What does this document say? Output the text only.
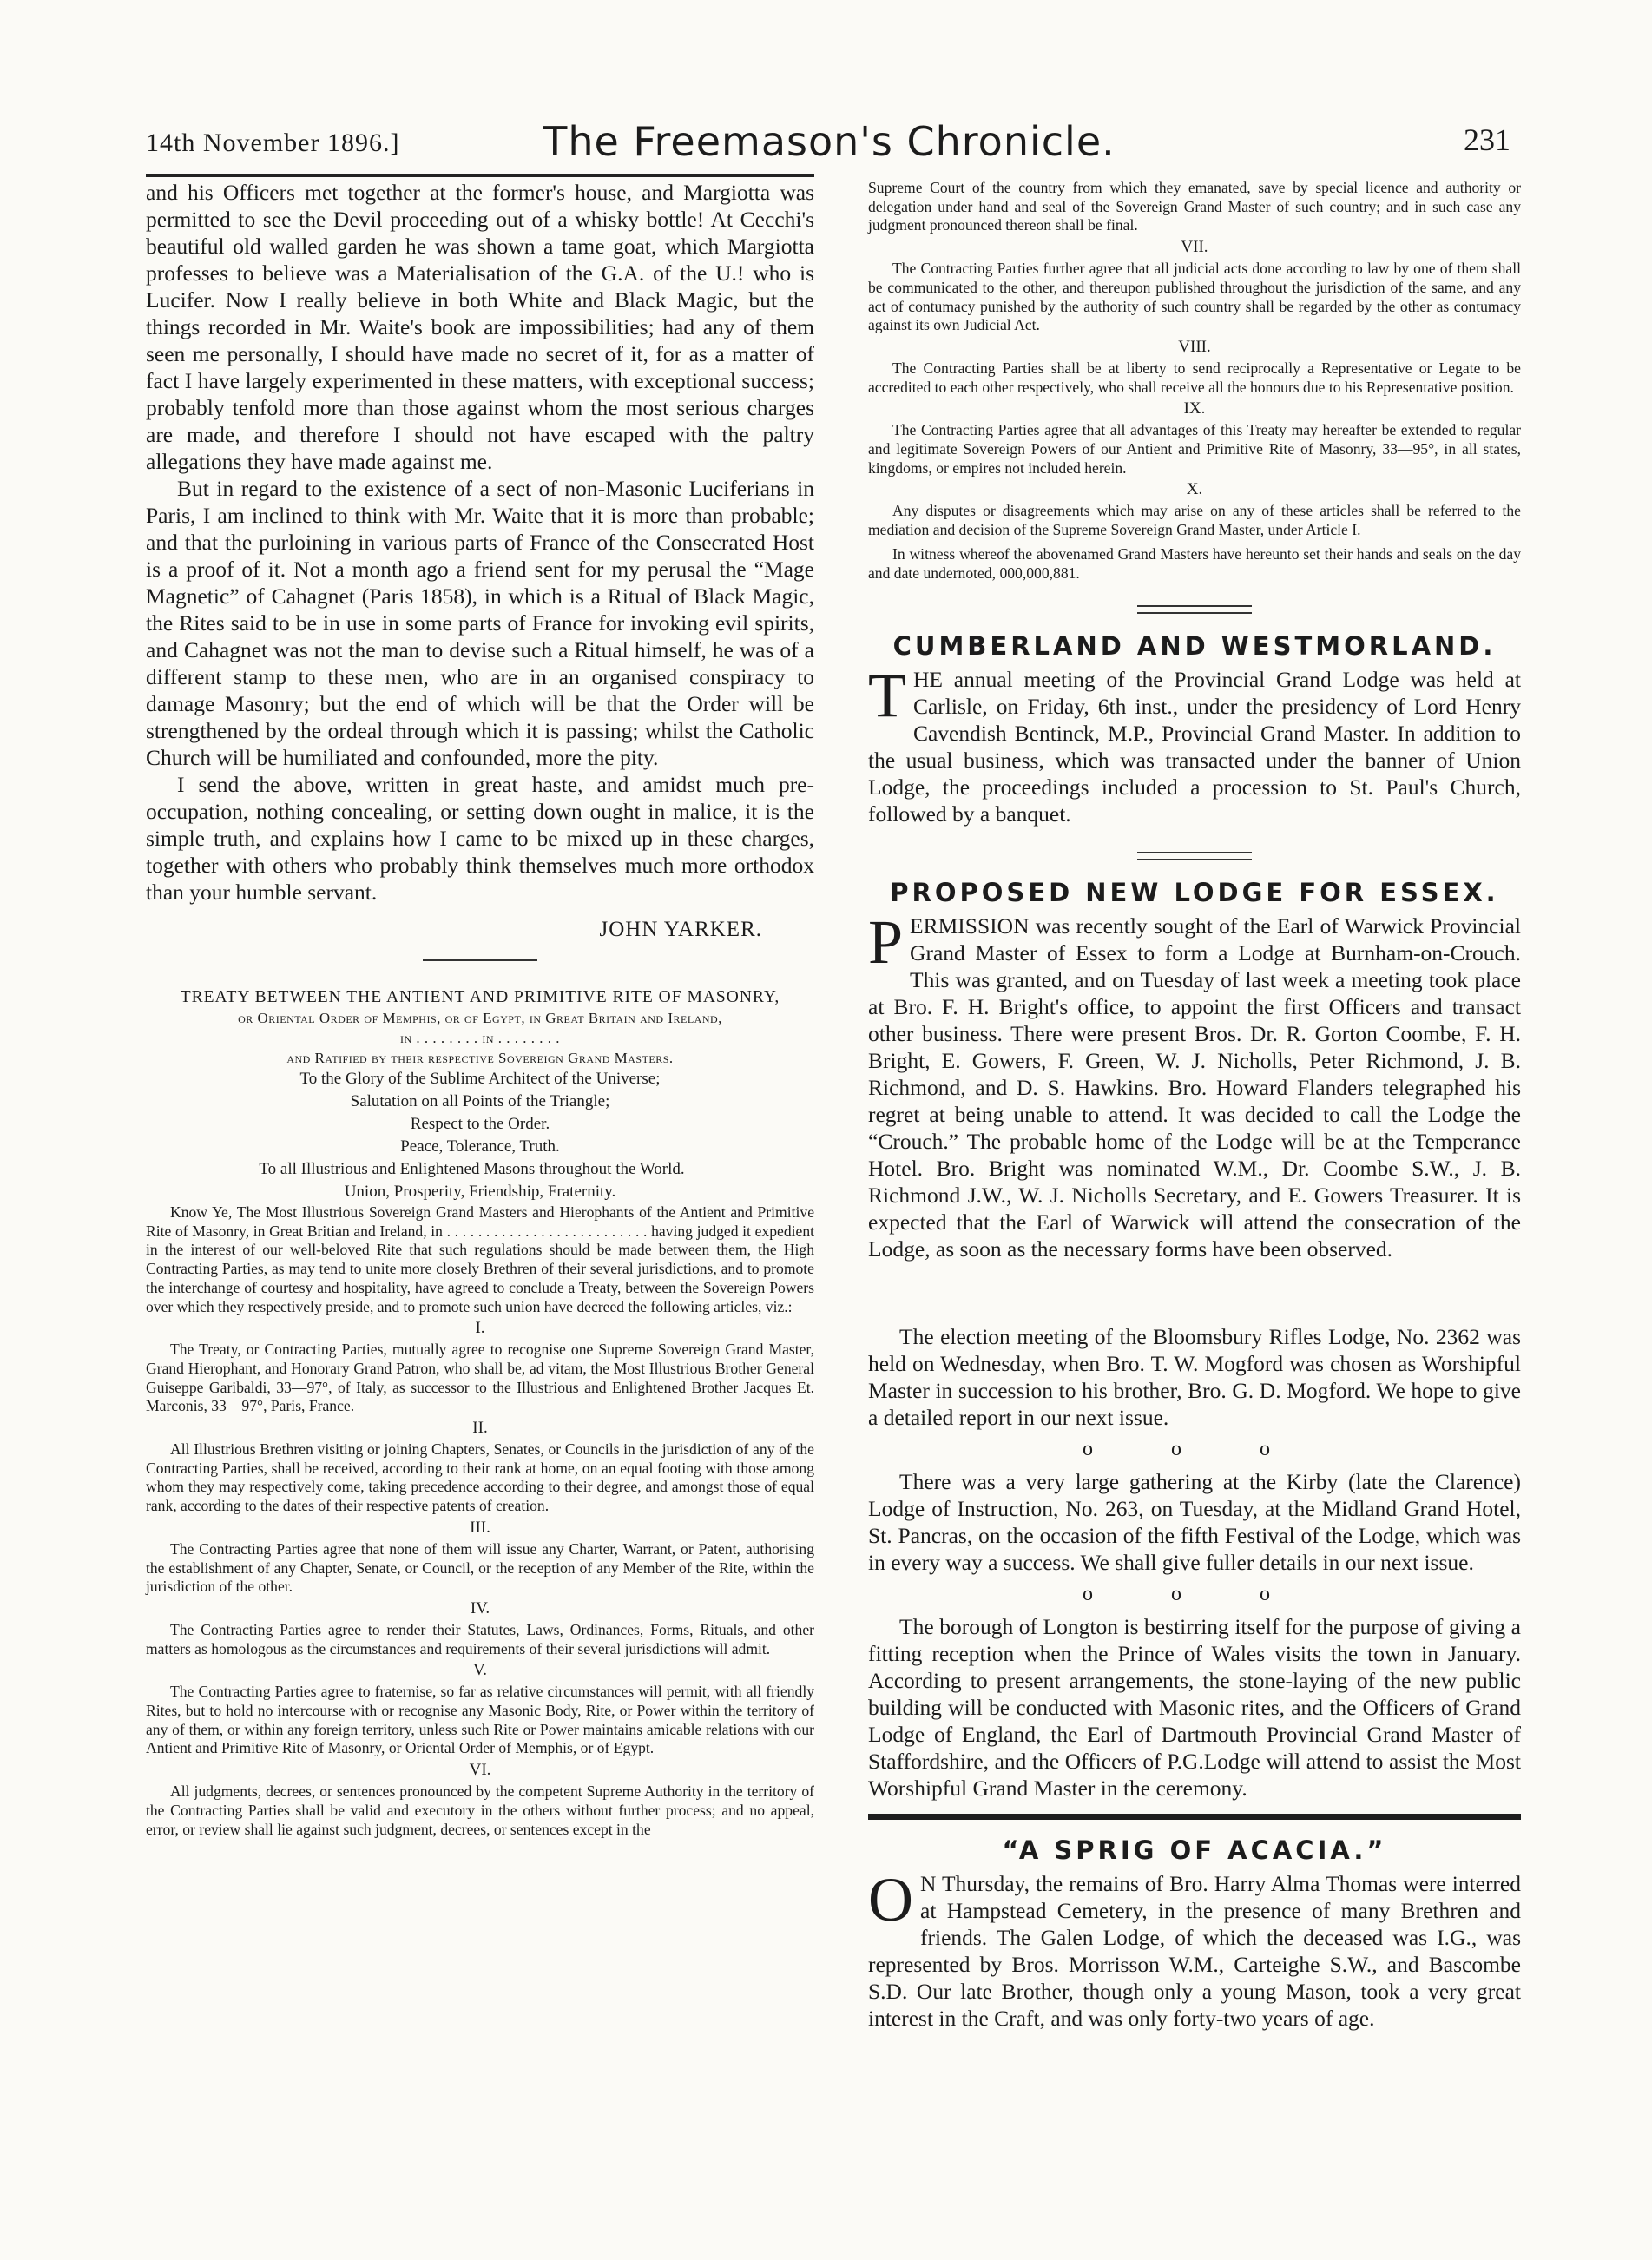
14th November 1896.]	The Freemason's Chronicle.	231

and his Officers met together at the former's house, and Margiotta was permitted to see the Devil proceeding out of a whisky bottle! At Cecchi's beautiful old walled garden he was shown a tame goat, which Margiotta professes to believe was a Materialisation of the G.A. of the U.! who is Lucifer. Now I really believe in both White and Black Magic, but the things recorded in Mr. Waite's book are impossibilities; had any of them seen me personally, I should have made no secret of it, for as a matter of fact I have largely experimented in these matters, with exceptional success; probably tenfold more than those against whom the most serious charges are made, and therefore I should not have escaped with the paltry allegations they have made against me.

But in regard to the existence of a sect of non-Masonic Luciferians in Paris, I am inclined to think with Mr. Waite that it is more than probable; and that the purloining in various parts of France of the Consecrated Host is a proof of it. Not a month ago a friend sent for my perusal the “Mage Magnetic” of Cahagnet (Paris 1858), in which is a Ritual of Black Magic, the Rites said to be in use in some parts of France for invoking evil spirits, and Cahagnet was not the man to devise such a Ritual himself, he was of a different stamp to these men, who are in an organised conspiracy to damage Masonry; but the end of which will be that the Order will be strengthened by the ordeal through which it is passing; whilst the Catholic Church will be humiliated and confounded, more the pity.

I send the above, written in great haste, and amidst much pre-occupation, nothing concealing, or setting down ought in malice, it is the simple truth, and explains how I came to be mixed up in these charges, together with others who probably think themselves much more orthodox than your humble servant.

JOHN YARKER.

TREATY BETWEEN THE ANTIENT AND PRIMITIVE RITE OF MASONRY,

or Oriental Order of Memphis, or of Egypt, in Great Britain and Ireland,

in . . . . . . . . in . . . . . . . .

and Ratified by their respective Sovereign Grand Masters.

To the Glory of the Sublime Architect of the Universe;

Salutation on all Points of the Triangle;

Respect to the Order.

Peace, Tolerance, Truth.

To all Illustrious and Enlightened Masons throughout the World.—

Union, Prosperity, Friendship, Fraternity.

Know Ye, The Most Illustrious Sovereign Grand Masters and Hierophants of the Antient and Primitive Rite of Masonry, in Great Britian and Ireland, in . . . . . . . . . . . . . . . . . . . . . . . . . . having judged it expedient in the interest of our well-beloved Rite that such regulations should be made between them, the High Contracting Parties, as may tend to unite more closely Brethren of their several jurisdictions, and to promote the interchange of courtesy and hospitality, have agreed to conclude a Treaty, between the Sovereign Powers over which they respectively preside, and to promote such union have decreed the following articles, viz.:—

I.

The Treaty, or Contracting Parties, mutually agree to recognise one Supreme Sovereign Grand Master, Grand Hierophant, and Honorary Grand Patron, who shall be, ad vitam, the Most Illustrious Brother General Guiseppe Garibaldi, 33—97°, of Italy, as successor to the Illustrious and Enlightened Brother Jacques Et. Marconis, 33—97°, Paris, France.

II.

All Illustrious Brethren visiting or joining Chapters, Senates, or Councils in the jurisdiction of any of the Contracting Parties, shall be received, according to their rank at home, on an equal footing with those among whom they may respectively come, taking precedence according to their degree, and amongst those of equal rank, according to the dates of their respective patents of creation.

III.

The Contracting Parties agree that none of them will issue any Charter, Warrant, or Patent, authorising the establishment of any Chapter, Senate, or Council, or the reception of any Member of the Rite, within the jurisdiction of the other.

IV.

The Contracting Parties agree to render their Statutes, Laws, Ordinances, Forms, Rituals, and other matters as homologous as the circumstances and requirements of their several jurisdictions will admit.

V.

The Contracting Parties agree to fraternise, so far as relative circumstances will permit, with all friendly Rites, but to hold no intercourse with or recognise any Masonic Body, Rite, or Power within the territory of any of them, or within any foreign territory, unless such Rite or Power maintains amicable relations with our Antient and Primitive Rite of Masonry, or Oriental Order of Memphis, or of Egypt.

VI.

All judgments, decrees, or sentences pronounced by the competent Supreme Authority in the territory of the Contracting Parties shall be valid and executory in the others without further process; and no appeal, error, or review shall lie against such judgment, decrees, or sentences except in the

Supreme Court of the country from which they emanated, save by special licence and authority or delegation under hand and seal of the Sovereign Grand Master of such country; and in such case any judgment pronounced thereon shall be final.

VII.

The Contracting Parties further agree that all judicial acts done according to law by one of them shall be communicated to the other, and thereupon published throughout the jurisdiction of the same, and any act of contumacy punished by the authority of such country shall be regarded by the other as contumacy against its own Judicial Act.

VIII.

The Contracting Parties shall be at liberty to send reciprocally a Representative or Legate to be accredited to each other respectively, who shall receive all the honours due to his Representative position.

IX.

The Contracting Parties agree that all advantages of this Treaty may hereafter be extended to regular and legitimate Sovereign Powers of our Antient and Primitive Rite of Masonry, 33—95°, in all states, kingdoms, or empires not included herein.

X.

Any disputes or disagreements which may arise on any of these articles shall be referred to the mediation and decision of the Supreme Sovereign Grand Master, under Article I.

In witness whereof the abovenamed Grand Masters have hereunto set their hands and seals on the day and date undernoted, 000,000,881.

CUMBERLAND AND WESTMORLAND.

THE annual meeting of the Provincial Grand Lodge was held at Carlisle, on Friday, 6th inst., under the presidency of Lord Henry Cavendish Bentinck, M.P., Provincial Grand Master. In addition to the usual business, which was transacted under the banner of Union Lodge, the proceedings included a procession to St. Paul's Church, followed by a banquet.

PROPOSED NEW LODGE FOR ESSEX.

PERMISSION was recently sought of the Earl of Warwick Provincial Grand Master of Essex to form a Lodge at Burnham-on-Crouch. This was granted, and on Tuesday of last week a meeting took place at Bro. F. H. Bright's office, to appoint the first Officers and transact other business. There were present Bros. Dr. R. Gorton Coombe, F. H. Bright, E. Gowers, F. Green, W. J. Nicholls, Peter Richmond, J. B. Richmond, and D. S. Hawkins. Bro. Howard Flanders telegraphed his regret at being unable to attend. It was decided to call the Lodge the “Crouch.” The probable home of the Lodge will be at the Temperance Hotel. Bro. Bright was nominated W.M., Dr. Coombe S.W., J. B. Richmond J.W., W. J. Nicholls Secretary, and E. Gowers Treasurer. It is expected that the Earl of Warwick will attend the consecration of the Lodge, as soon as the necessary forms have been observed.

The election meeting of the Bloomsbury Rifles Lodge, No. 2362 was held on Wednesday, when Bro. T. W. Mogford was chosen as Worshipful Master in succession to his brother, Bro. G. D. Mogford. We hope to give a detailed report in our next issue.

o o o

There was a very large gathering at the Kirby (late the Clarence) Lodge of Instruction, No. 263, on Tuesday, at the Midland Grand Hotel, St. Pancras, on the occasion of the fifth Festival of the Lodge, which was in every way a success. We shall give fuller details in our next issue.

o o o

The borough of Longton is bestirring itself for the purpose of giving a fitting reception when the Prince of Wales visits the town in January. According to present arrangements, the stone-laying of the new public building will be conducted with Masonic rites, and the Officers of Grand Lodge of England, the Earl of Dartmouth Provincial Grand Master of Staffordshire, and the Officers of P.G.Lodge will attend to assist the Most Worshipful Grand Master in the ceremony.

“A SPRIG OF ACACIA.”

O N Thursday, the remains of Bro. Harry Alma Thomas were interred at Hampstead Cemetery, in the presence of many Brethren and friends. The Galen Lodge, of which the deceased was I.G., was represented by Bros. Morrisson W.M., Carteighe S.W., and Bascombe S.D. Our late Brother, though only a young Mason, took a very great interest in the Craft, and was only forty-two years of age.
